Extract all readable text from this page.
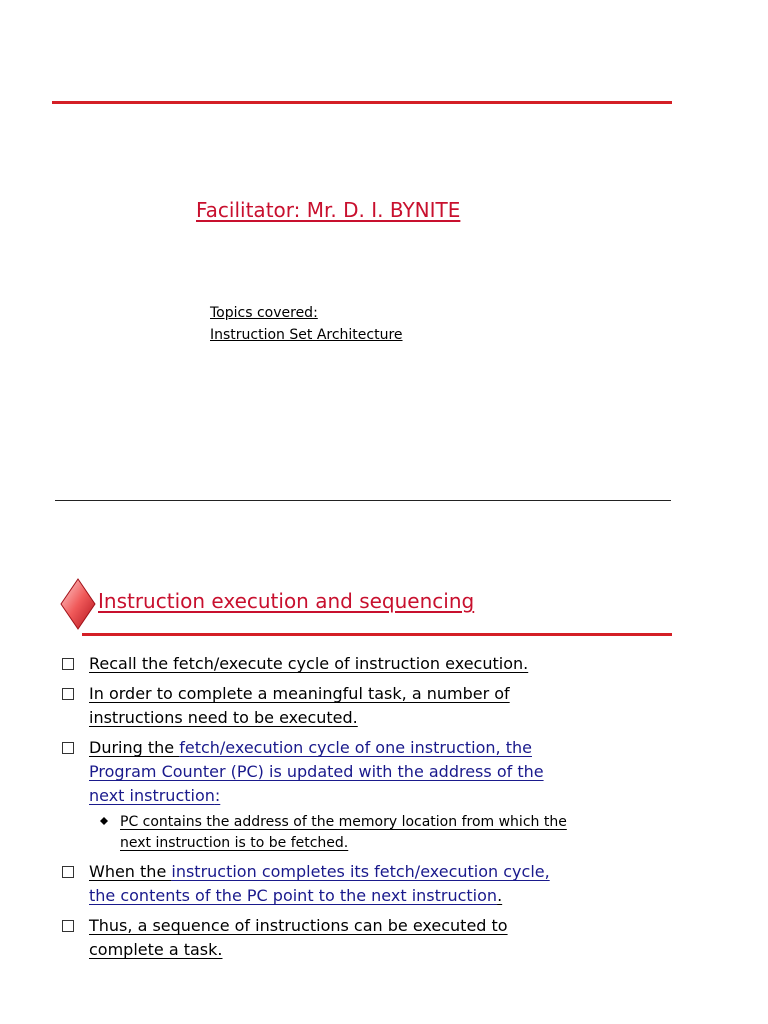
Facilitator: Mr. D. I. BYNITE
Topics covered:
Instruction Set Architecture
Instruction execution and sequencing
Recall the fetch/execute cycle of instruction execution.
In order to complete a meaningful task, a number of
instructions need to be executed.
During the fetch/execution cycle of one instruction, the
Program Counter (PC) is updated with the address of the
next instruction:
PC contains the address of the memory location from which the
next instruction is to be fetched.
When the instruction completes its fetch/execution cycle,
the contents of the PC point to the next instruction.
Thus, a sequence of instructions can be executed to
complete a task.
